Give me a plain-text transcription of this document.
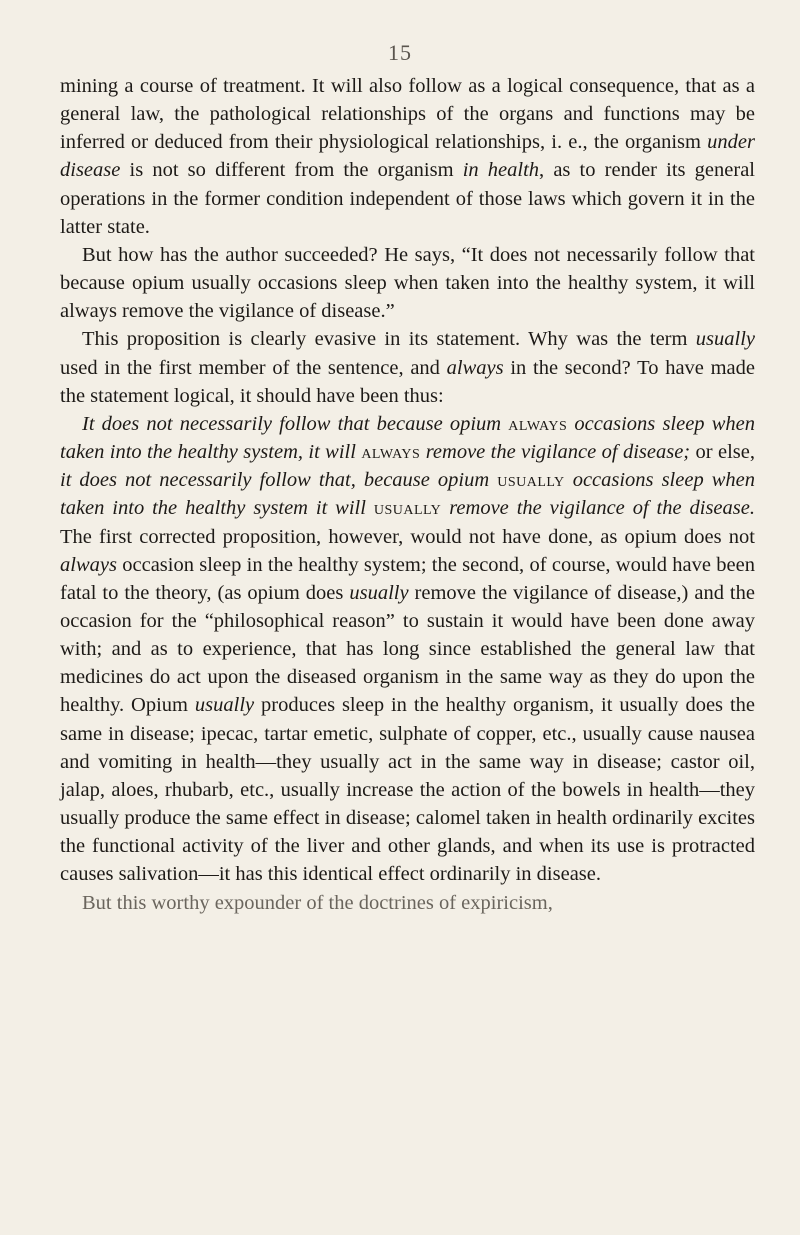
15

mining a course of treatment. It will also follow as a logical consequence, that as a general law, the pathological relationships of the organs and functions may be inferred or deduced from their physiological relationships, i. e., the organism under disease is not so different from the organism in health, as to render its general operations in the former condition independent of those laws which govern it in the latter state.

But how has the author succeeded? He says, “It does not necessarily follow that because opium usually occasions sleep when taken into the healthy system, it will always remove the vigilance of disease.”

This proposition is clearly evasive in its statement. Why was the term usually used in the first member of the sentence, and always in the second? To have made the statement logical, it should have been thus:

It does not necessarily follow that because opium always occasions sleep when taken into the healthy system, it will always remove the vigilance of disease; or else, it does not necessarily follow that, because opium usually occasions sleep when taken into the healthy system it will usually remove the vigilance of the disease. The first corrected proposition, however, would not have done, as opium does not always occasion sleep in the healthy system; the second, of course, would have been fatal to the theory, (as opium does usually remove the vigilance of disease,) and the occasion for the “philosophical reason” to sustain it would have been done away with; and as to experience, that has long since established the general law that medicines do act upon the diseased organism in the same way as they do upon the healthy. Opium usually produces sleep in the healthy organism, it usually does the same in disease; ipecac, tartar emetic, sulphate of copper, etc., usually cause nausea and vomiting in health—they usually act in the same way in disease; castor oil, jalap, aloes, rhubarb, etc., usually increase the action of the bowels in health—they usually produce the same effect in disease; calomel taken in health ordinarily excites the functional activity of the liver and other glands, and when its use is protracted causes salivation—it has this identical effect ordinarily in disease.

But this worthy expounder of the doctrines of expiricism,
